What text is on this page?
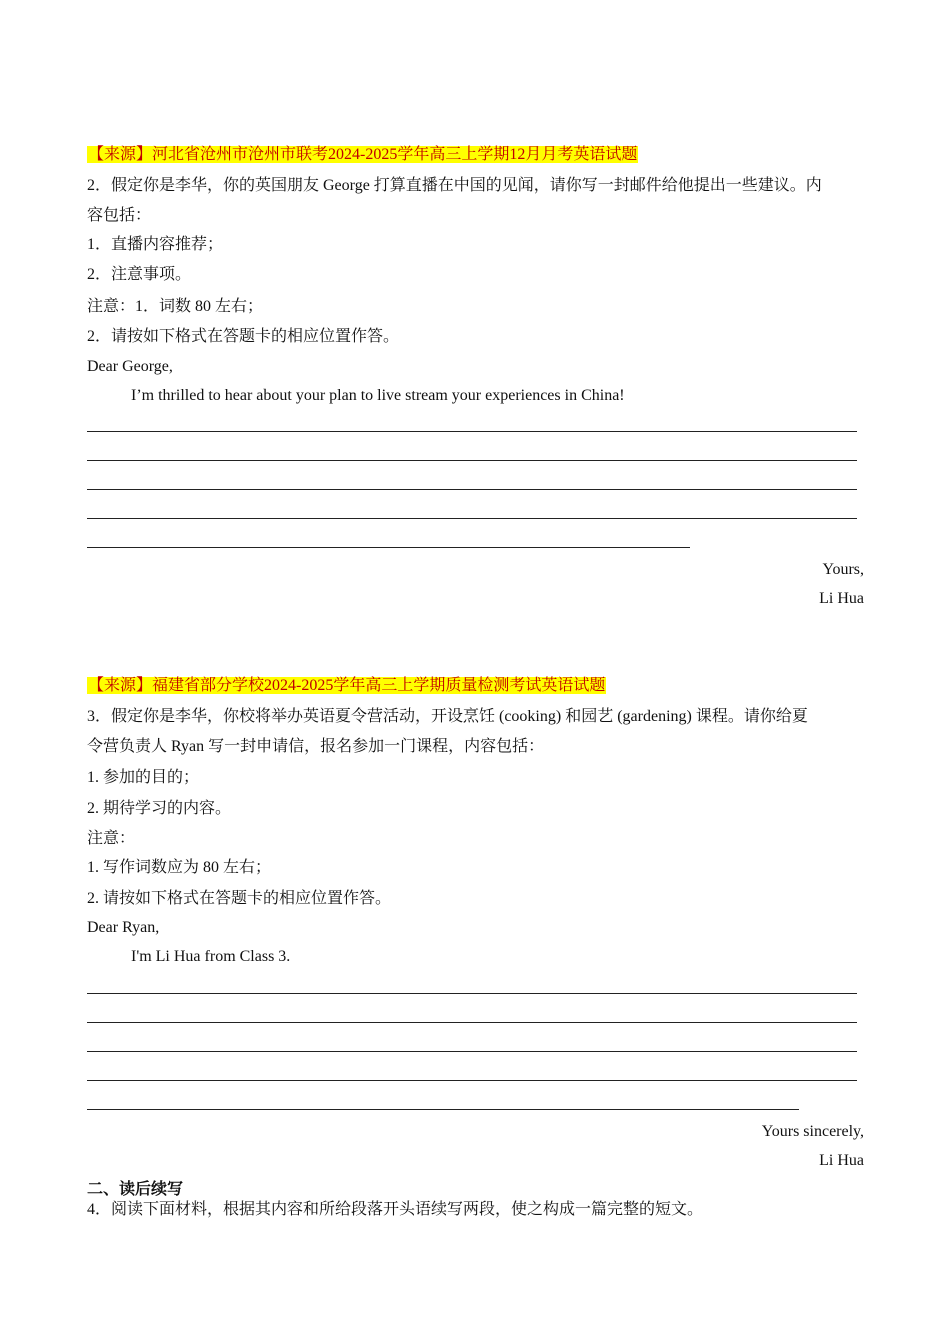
【来源】河北省沧州市沧州市联考2024-2025学年高三上学期12月月考英语试题
2．假定你是李华，你的英国朋友 George 打算直播在中国的见闻，请你写一封邮件给他提出一些建议。内
容包括：
1．直播内容推荐；
2．注意事项。
注意：1．词数 80 左右；
2．请按如下格式在答题卡的相应位置作答。
Dear George,
I’m thrilled to hear about your plan to live stream your experiences in China!
Yours,
Li Hua
【来源】福建省部分学校2024-2025学年高三上学期质量检测考试英语试题
3．假定你是李华，你校将举办英语夏令营活动，开设烹饪 (cooking) 和园艺 (gardening) 课程。请你给夏
令营负责人 Ryan 写一封申请信，报名参加一门课程，内容包括：
1. 参加的目的；
2. 期待学习的内容。
注意：
1. 写作词数应为 80 左右；
2. 请按如下格式在答题卡的相应位置作答。
Dear Ryan,
I'm Li Hua from Class 3.
Yours sincerely,
Li Hua
二、读后续写
4．阅读下面材料，根据其内容和所给段落开头语续写两段，使之构成一篇完整的短文。
